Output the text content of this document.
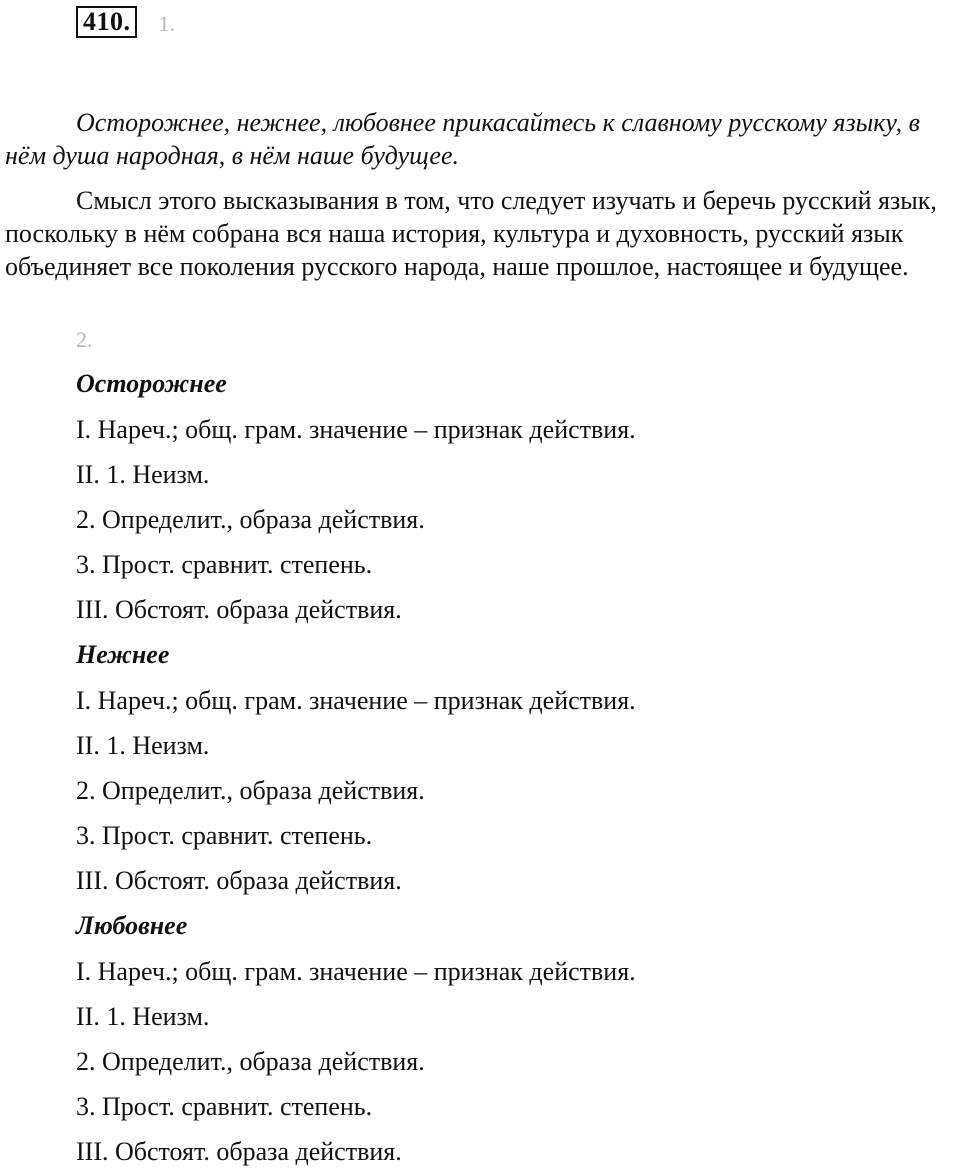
410. 1.

Осторожнее, нежнее, любовнее прикасайтесь к славному русскому языку, в нём душа народная, в нём наше будущее.

Смысл этого высказывания в том, что следует изучать и беречь русский язык, поскольку в нём собрана вся наша история, культура и духовность, русский язык объединяет все поколения русского народа, наше прошлое, настоящее и будущее.

2.
Осторожнее
I. Нареч.; общ. грам. значение – признак действия.
II. 1. Неизм.
2. Определит., образа действия.
3. Прост. сравнит. степень.
III. Обстоят. образа действия.
Нежнее
I. Нареч.; общ. грам. значение – признак действия.
II. 1. Неизм.
2. Определит., образа действия.
3. Прост. сравнит. степень.
III. Обстоят. образа действия.
Любовнее
I. Нареч.; общ. грам. значение – признак действия.
II. 1. Неизм.
2. Определит., образа действия.
3. Прост. сравнит. степень.
III. Обстоят. образа действия.
